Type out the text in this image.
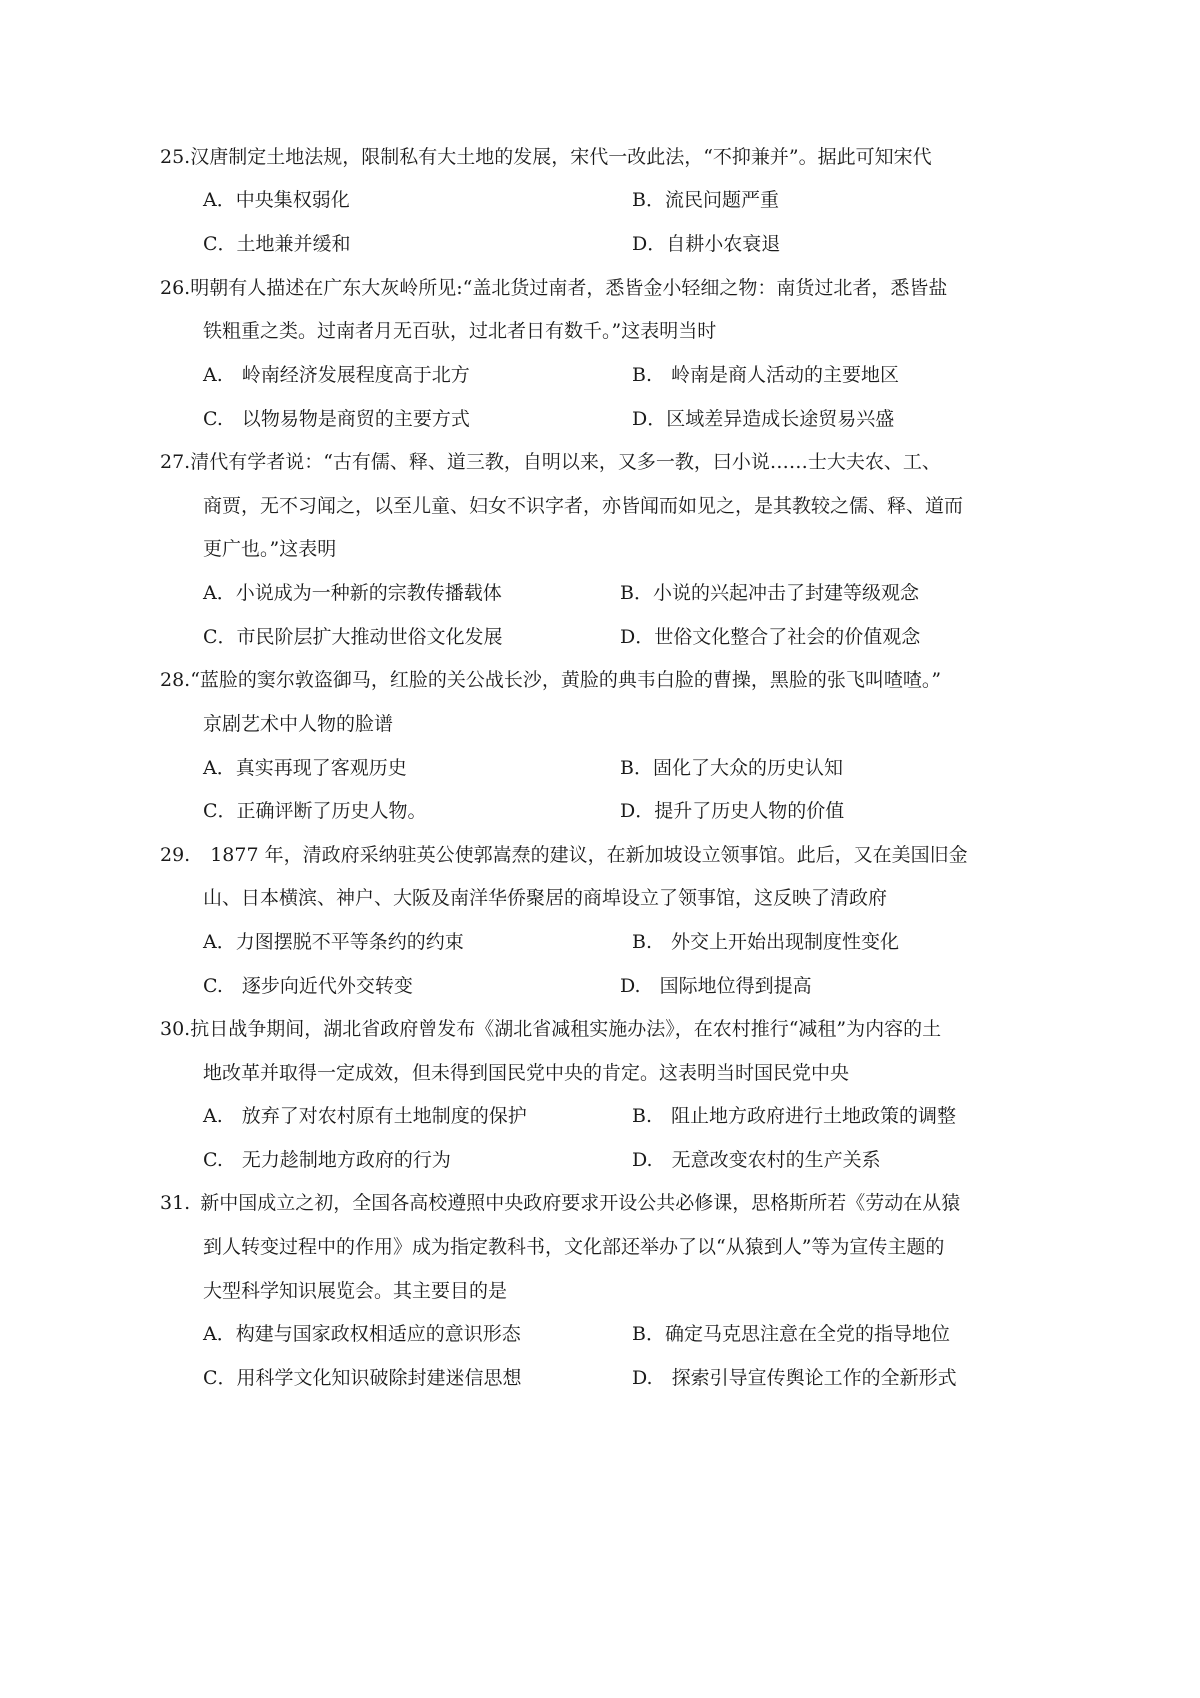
25.汉唐制定土地法规，限制私有大土地的发展，宋代一改此法，“不抑兼并”。据此可知宋代
A．中央集权弱化	B．流民问题严重
C．土地兼并缓和	D．自耕小农衰退
26.明朝有人描述在广东大灰岭所见:“盖北货过南者，悉皆金小轻细之物：南货过北者，悉皆盐
铁粗重之类。过南者月无百驮，过北者日有数千。”这表明当时
A.　岭南经济发展程度高于北方	B.　岭南是商人活动的主要地区
C.　以物易物是商贸的主要方式	D．区域差异造成长途贸易兴盛
27.清代有学者说：“古有儒、释、道三教，自明以来，又多一教，曰小说……士大夫农、工、
商贾，无不习闻之，以至儿童、妇女不识字者，亦皆闻而如见之，是其教较之儒、释、道而
更广也。”这表明
A．小说成为一种新的宗教传播载体	B．小说的兴起冲击了封建等级观念
C．市民阶层扩大推动世俗文化发展	D．世俗文化整合了社会的价值观念
28.“蓝脸的窦尔敦盗御马，红脸的关公战长沙，黄脸的典韦白脸的曹操，黑脸的张飞叫喳喳。”
京剧艺术中人物的脸谱
A．真实再现了客观历史	B．固化了大众的历史认知
C．正确评断了历史人物。	D．提升了历史人物的价值
29. 1877 年，清政府采纳驻英公使郭嵩焘的建议，在新加坡设立领事馆。此后，又在美国旧金
山、日本横滨、神户、大阪及南洋华侨聚居的商埠设立了领事馆，这反映了清政府
A．力图摆脱不平等条约的约束	B.　外交上开始出现制度性变化
C.　逐步向近代外交转变	D.　国际地位得到提高
30.抗日战争期间，湖北省政府曾发布《湖北省减租实施办法》，在农村推行“减租”为内容的土
地改革并取得一定成效，但未得到国民党中央的肯定。这表明当时国民党中央
A.　放弃了对农村原有土地制度的保护	B.　阻止地方政府进行土地政策的调整
C.　无力趁制地方政府的行为	D.　无意改变农村的生产关系
31. 新中国成立之初，全国各高校遵照中央政府要求开设公共必修课，思格斯所若《劳动在从猿
到人转变过程中的作用》成为指定教科书，文化部还举办了以“从猿到人”等为宣传主题的
大型科学知识展览会。其主要目的是
A．构建与国家政权相适应的意识形态	B．确定马克思注意在全党的指导地位
C．用科学文化知识破除封建迷信思想	D.　探索引导宣传舆论工作的全新形式
